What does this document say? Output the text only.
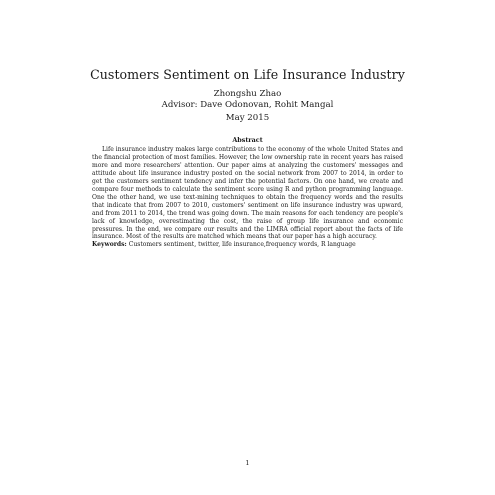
Customers Sentiment on Life Insurance Industry
Zhongshu Zhao
Advisor: Dave Odonovan, Rohit Mangal
May 2015
Abstract

Life insurance industry makes large contributions to the economy of the whole United States and the financial protection of most families. However, the low ownership rate in recent years has raised more and more researchers' attention. Our paper aims at analyzing the customers' messages and attitude about life insurance industry posted on the social network from 2007 to 2014, in order to get the customers sentiment tendency and infer the potential factors. On one hand, we create and compare four methods to calculate the sentiment score using R and python programming language. One the other hand, we use text-mining techniques to obtain the frequency words and the results that indicate that from 2007 to 2010, customers' sentiment on life insurance industry was upward, and from 2011 to 2014, the trend was going down. The main reasons for each tendency are people's lack of knowledge, overestimating the cost, the raise of group life insurance and economic pressures. In the end, we compare our results and the LIMRA official report about the facts of life insurance. Most of the results are matched which means that our paper has a high accuracy.

Keywords: Customers sentiment, twitter, life insurance,frequency words, R language

1
